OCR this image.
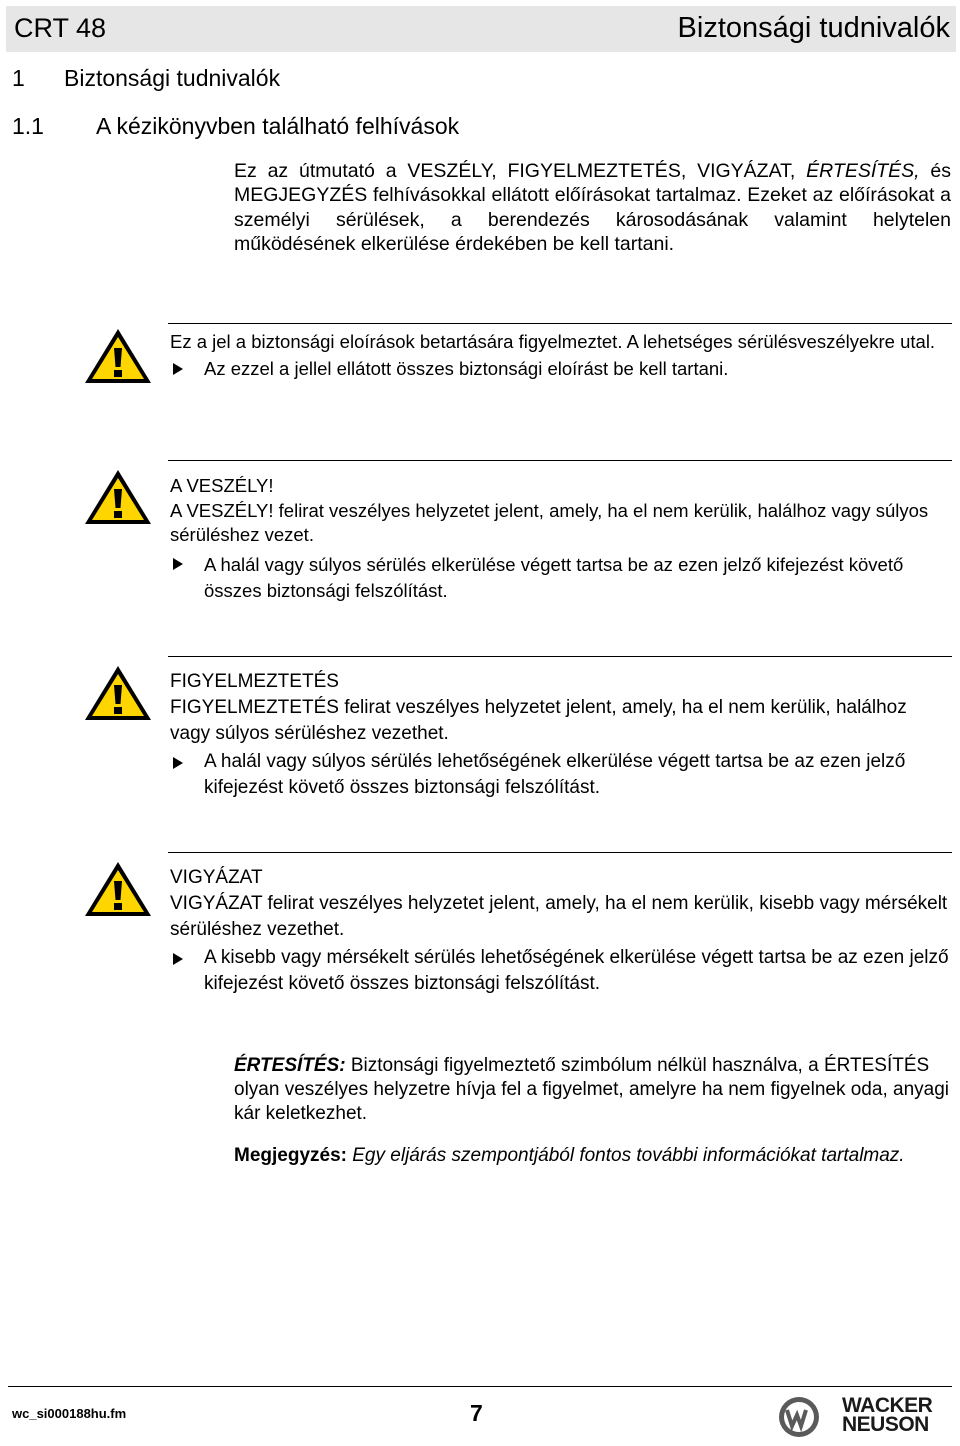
CRT 48	Biztonsági tudnivalók
1 Biztonsági tudnivalók
1.1 A kézikönyvben található felhívások
Ez az útmutató a VESZÉLY, FIGYELMEZTETÉS, VIGYÁZAT, ÉRTESÍTÉS, és MEGJEGYZÉS felhívásokkal ellátott előírásokat tartalmaz. Ezeket az előírásokat a személyi sérülések, a berendezés károsodásának valamint helytelen működésének elkerülése érdekében be kell tartani.
Ez a jel a biztonsági eloírások betartására figyelmeztet. A lehetséges sérülésveszélyekre utal.
Az ezzel a jellel ellátott összes biztonsági eloírást be kell tartani.
A VESZÉLY!
A VESZÉLY! felirat veszélyes helyzetet jelent, amely, ha el nem kerülik, halálhoz vagy súlyos sérüléshez vezet.
A halál vagy súlyos sérülés elkerülése végett tartsa be az ezen jelző kifejezést követő összes biztonsági felszólítást.
FIGYELMEZTETÉS
FIGYELMEZTETÉS felirat veszélyes helyzetet jelent, amely, ha el nem kerülik, halálhoz vagy súlyos sérüléshez vezethet.
A halál vagy súlyos sérülés lehetőségének elkerülése végett tartsa be az ezen jelző kifejezést követő összes biztonsági felszólítást.
VIGYÁZAT
VIGYÁZAT felirat veszélyes helyzetet jelent, amely, ha el nem kerülik, kisebb vagy mérsékelt sérüléshez vezethet.
A kisebb vagy mérsékelt sérülés lehetőségének elkerülése végett tartsa be az ezen jelző kifejezést követő összes biztonsági felszólítást.
ÉRTESÍTÉS: Biztonsági figyelmeztető szimbólum nélkül használva, a ÉRTESÍTÉS olyan veszélyes helyzetre hívja fel a figyelmet, amelyre ha nem figyelnek oda, anyagi kár keletkezhet.
Megjegyzés: Egy eljárás szempontjából fontos további információkat tartalmaz.
wc_si000188hu.fm	7	WACKER
NEUSON
